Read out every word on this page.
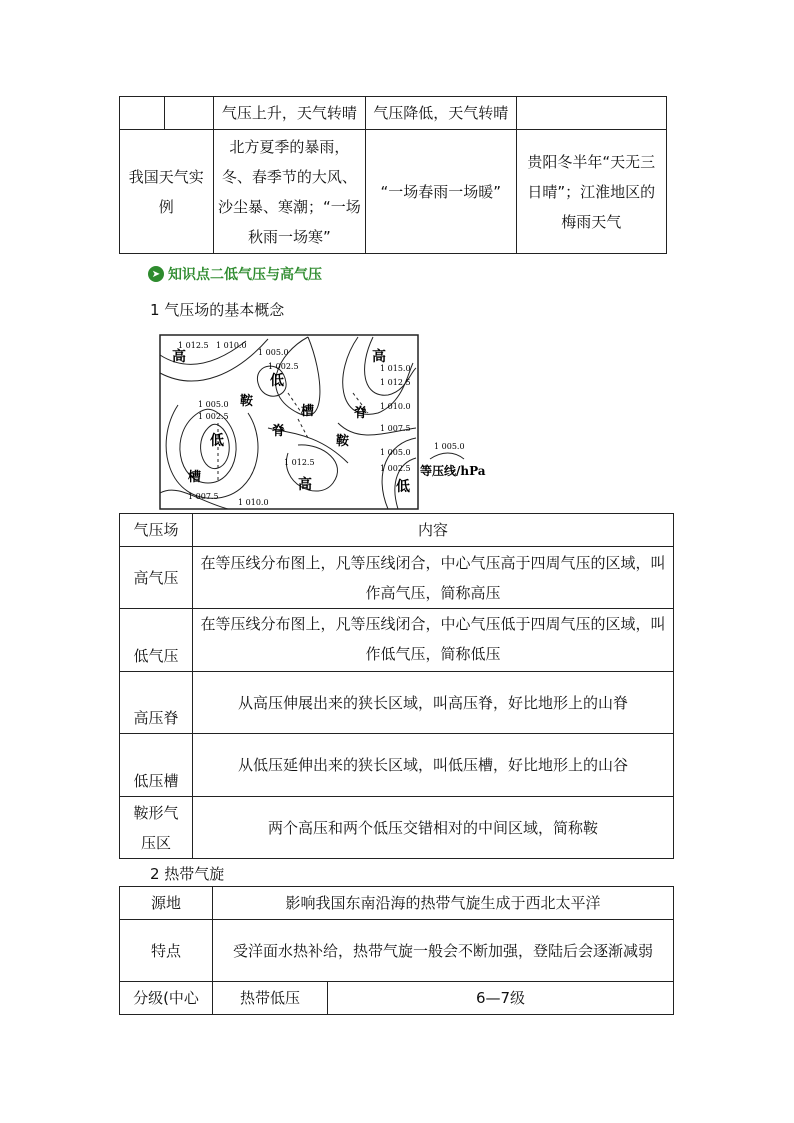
		气压上升，天气转晴	气压降低，天气转晴	
我国天气实例		北方夏季的暴雨，冬、春季节的大风、沙尘暴、寒潮；“一场秋雨一场寒”	“一场春雨一场暖”	贵阳冬半年“天无三日晴”；江淮地区的梅雨天气
➤ 知识点二低气压与高气压
1 气压场的基本概念
1 012.5 1 010.0
1 005.0
1 002.5	1 015.0
1 012.5
1 010.0
1 005.0
1 002.5
1 007.5
1 012.5
1 005.0
1 002.5
1 007.5
1 010.0
高
低
高
鞍
槽	脊
低
脊
鞍
槽	高	低
1 005.0
等压线/hPa
气压场	内容
高气压	在等压线分布图上，凡等压线闭合，中心气压高于四周气压的区域，叫作高气压，简称高压
低气压	在等压线分布图上，凡等压线闭合，中心气压低于四周气压的区域，叫作低气压，简称低压
高压脊	从高压伸展出来的狭长区域，叫高压脊，好比地形上的山脊
低压槽	从低压延伸出来的狭长区域，叫低压槽，好比地形上的山谷
鞍形气压区	两个高压和两个低压交错相对的中间区域，简称鞍
2 热带气旋
源地	影响我国东南沿海的热带气旋生成于西北太平洋	
特点	受洋面水热补给，热带气旋一般会不断加强，登陆后会逐渐减弱	
分级(中心	热带低压	6—7级
